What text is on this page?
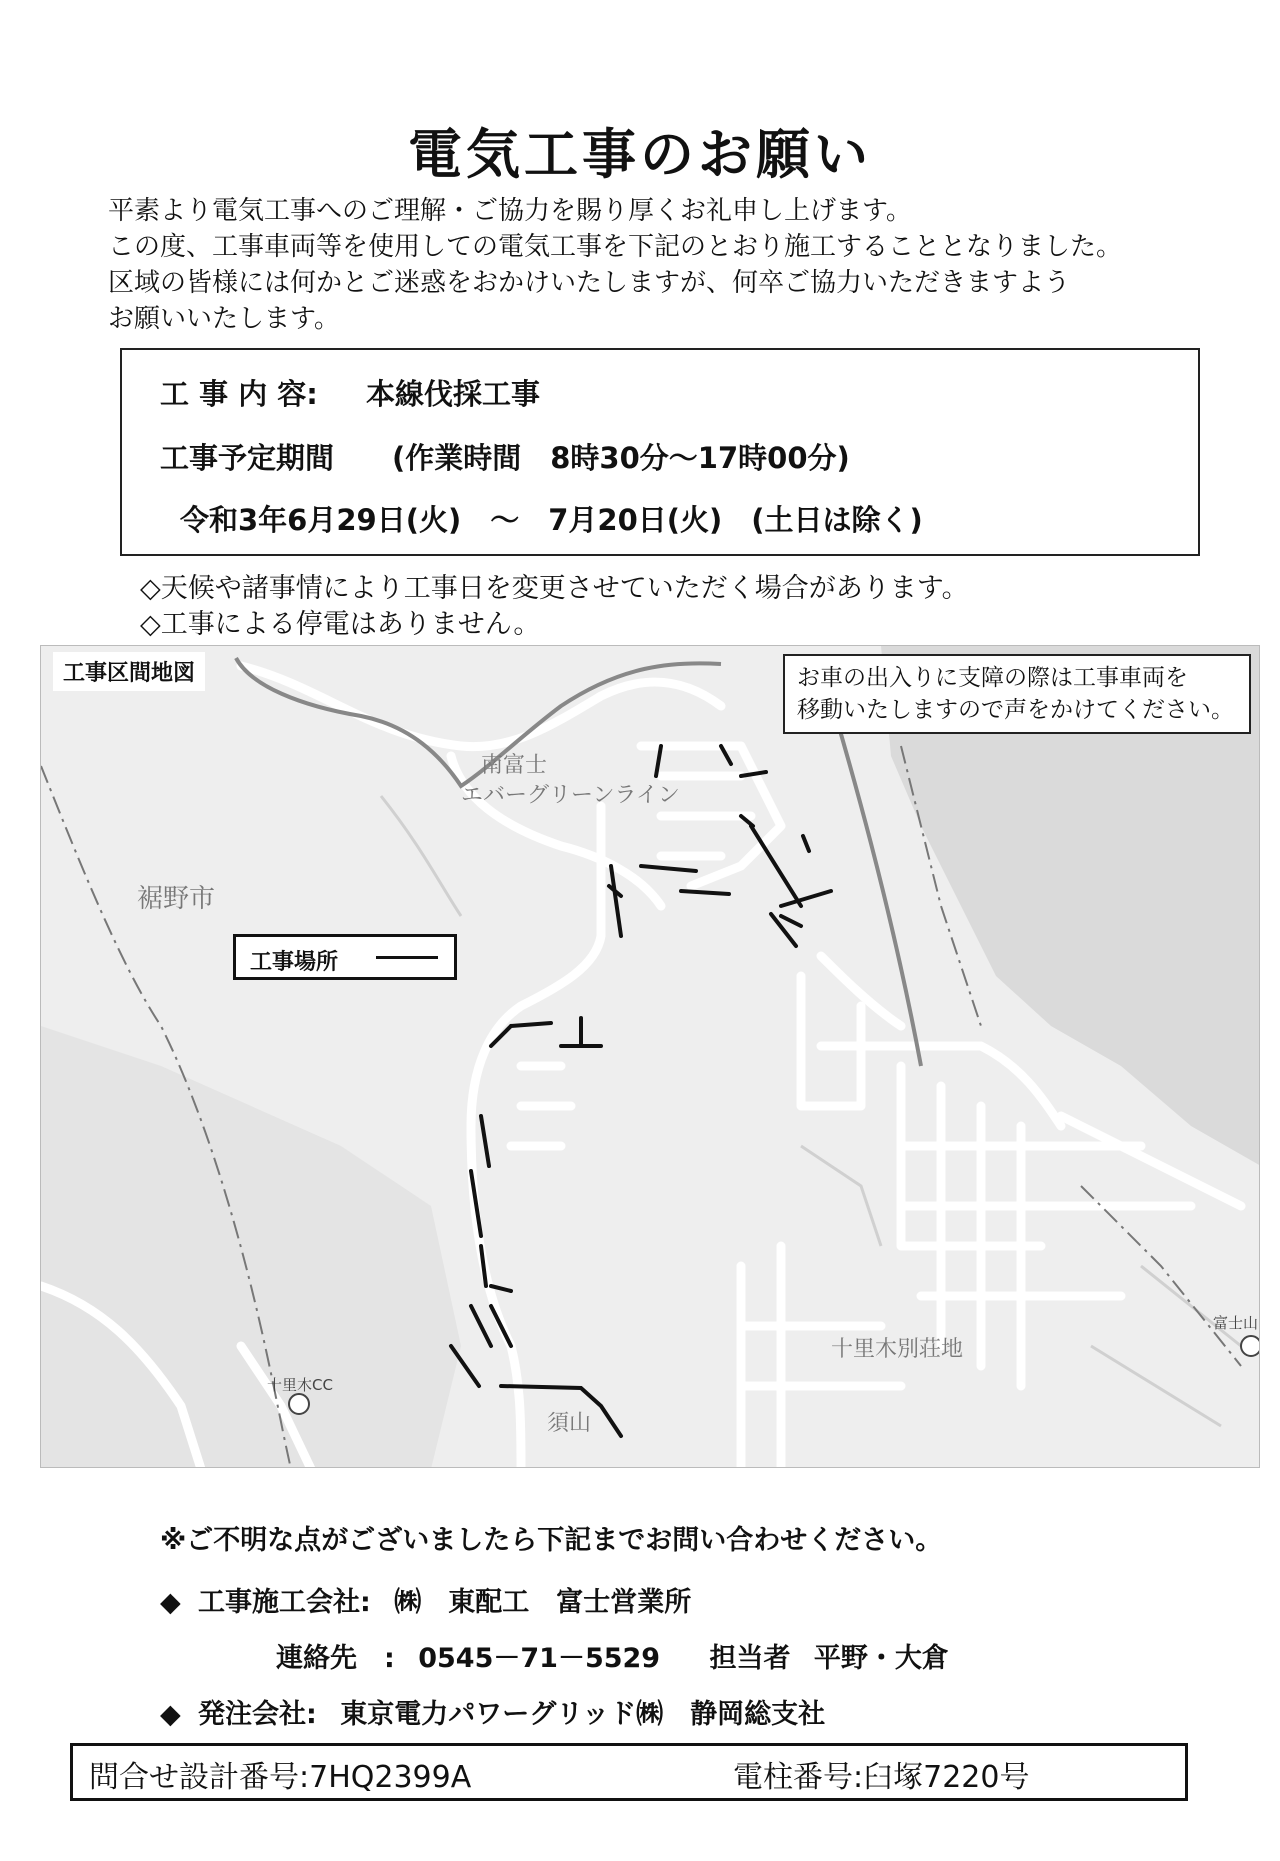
電気工事のお願い
平素より電気工事へのご理解・ご協力を賜り厚くお礼申し上げます。
この度、工事車両等を使用しての電気工事を下記のとおり施工することとなりました。
区域の皆様には何かとご迷惑をおかけいたしますが、何卒ご協力いただきますよう
お願いいたします。
工 事 内 容: 本線伐採工事
工事予定期間 (作業時間　8時30分～17時00分)
令和3年6月29日(火)　～　7月20日(火)　(土日は除く)
◇天候や諸事情により工事日を変更させていただく場合があります。
◇工事による停電はありません。
工事区間地図	お車の出入りに支障の際は工事車両を
移動いたしますので声をかけてください。
工事場所
南富士
エバーグリーンライン
裾野市
十里木CC
十里木別荘地
須山
富士山
※ご不明な点がございましたら下記までお問い合わせください。
◆ 工事施工会社: ㈱　東配工　富士営業所
連絡先　: 0545－71－5529 担当者 平野・大倉
◆ 発注会社: 東京電力パワーグリッド㈱　静岡総支社
問合せ設計番号:7HQ2399A	電柱番号:臼塚7220号
